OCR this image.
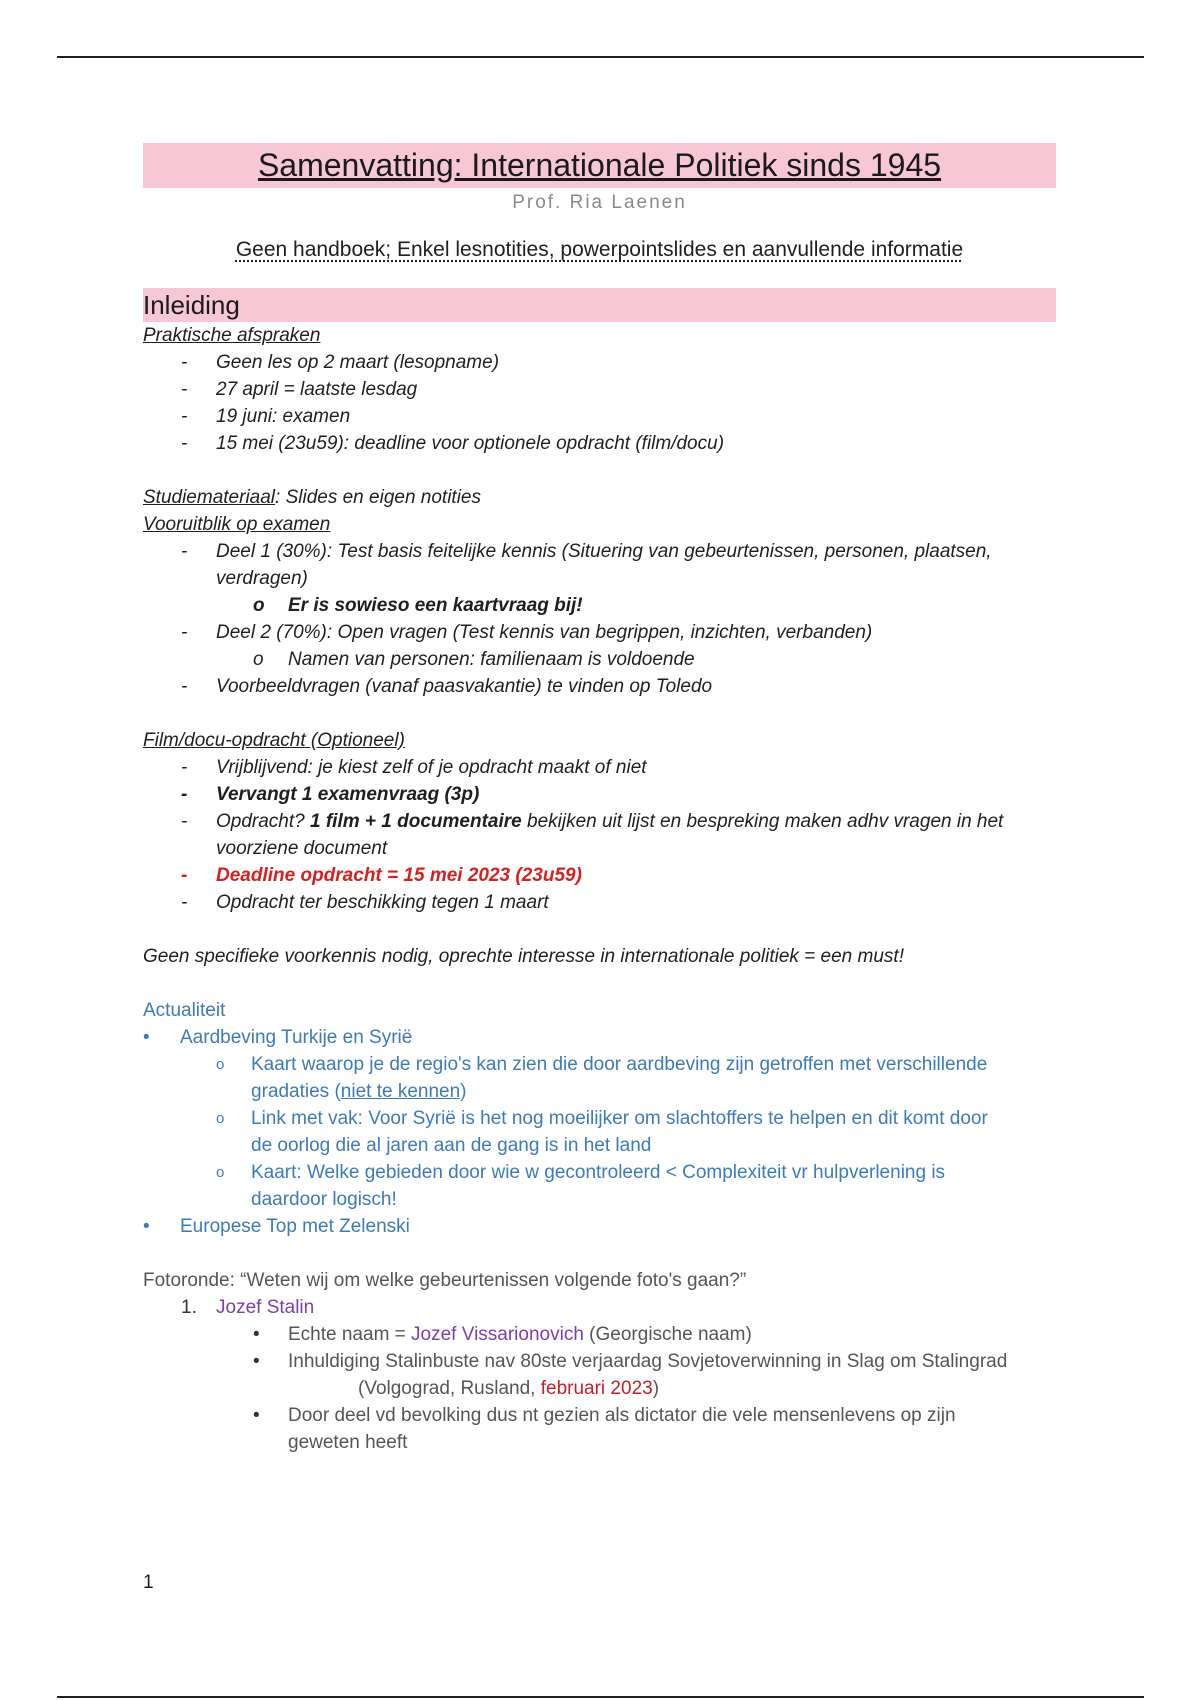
Samenvatting: Internationale Politiek sinds 1945
Prof. Ria Laenen
Geen handboek; Enkel lesnotities, powerpointslides en aanvullende informatie
Inleiding
Praktische afspraken
- Geen les op 2 maart (lesopname)
- 27 april = laatste lesdag
- 19 juni: examen
- 15 mei (23u59): deadline voor optionele opdracht (film/docu)
Studiemateriaal: Slides en eigen notities
Vooruitblik op examen
- Deel 1 (30%): Test basis feitelijke kennis (Situering van gebeurtenissen, personen, plaatsen,
verdragen)
o Er is sowieso een kaartvraag bij!
- Deel 2 (70%): Open vragen (Test kennis van begrippen, inzichten, verbanden)
o Namen van personen: familienaam is voldoende
- Voorbeeldvragen (vanaf paasvakantie) te vinden op Toledo
Film/docu-opdracht (Optioneel)
- Vrijblijvend: je kiest zelf of je opdracht maakt of niet
- Vervangt 1 examenvraag (3p)
- Opdracht? 1 film + 1 documentaire bekijken uit lijst en bespreking maken adhv vragen in het
voorziene document
- Deadline opdracht = 15 mei 2023 (23u59)
- Opdracht ter beschikking tegen 1 maart
Geen specifieke voorkennis nodig, oprechte interesse in internationale politiek = een must!
Actualiteit
• Aardbeving Turkije en Syrië
o Kaart waarop je de regio's kan zien die door aardbeving zijn getroffen met verschillende
gradaties (niet te kennen)
o Link met vak: Voor Syrië is het nog moeilijker om slachtoffers te helpen en dit komt door
de oorlog die al jaren aan de gang is in het land
o Kaart: Welke gebieden door wie w gecontroleerd < Complexiteit vr hulpverlening is
daardoor logisch!
• Europese Top met Zelenski
Fotoronde: “Weten wij om welke gebeurtenissen volgende foto's gaan?”
1. Jozef Stalin
• Echte naam = Jozef Vissarionovich (Georgische naam)
• Inhuldiging Stalinbuste nav 80ste verjaardag Sovjetoverwinning in Slag om Stalingrad
(Volgograd, Rusland, februari 2023)
• Door deel vd bevolking dus nt gezien als dictator die vele mensenlevens op zijn
geweten heeft
1
